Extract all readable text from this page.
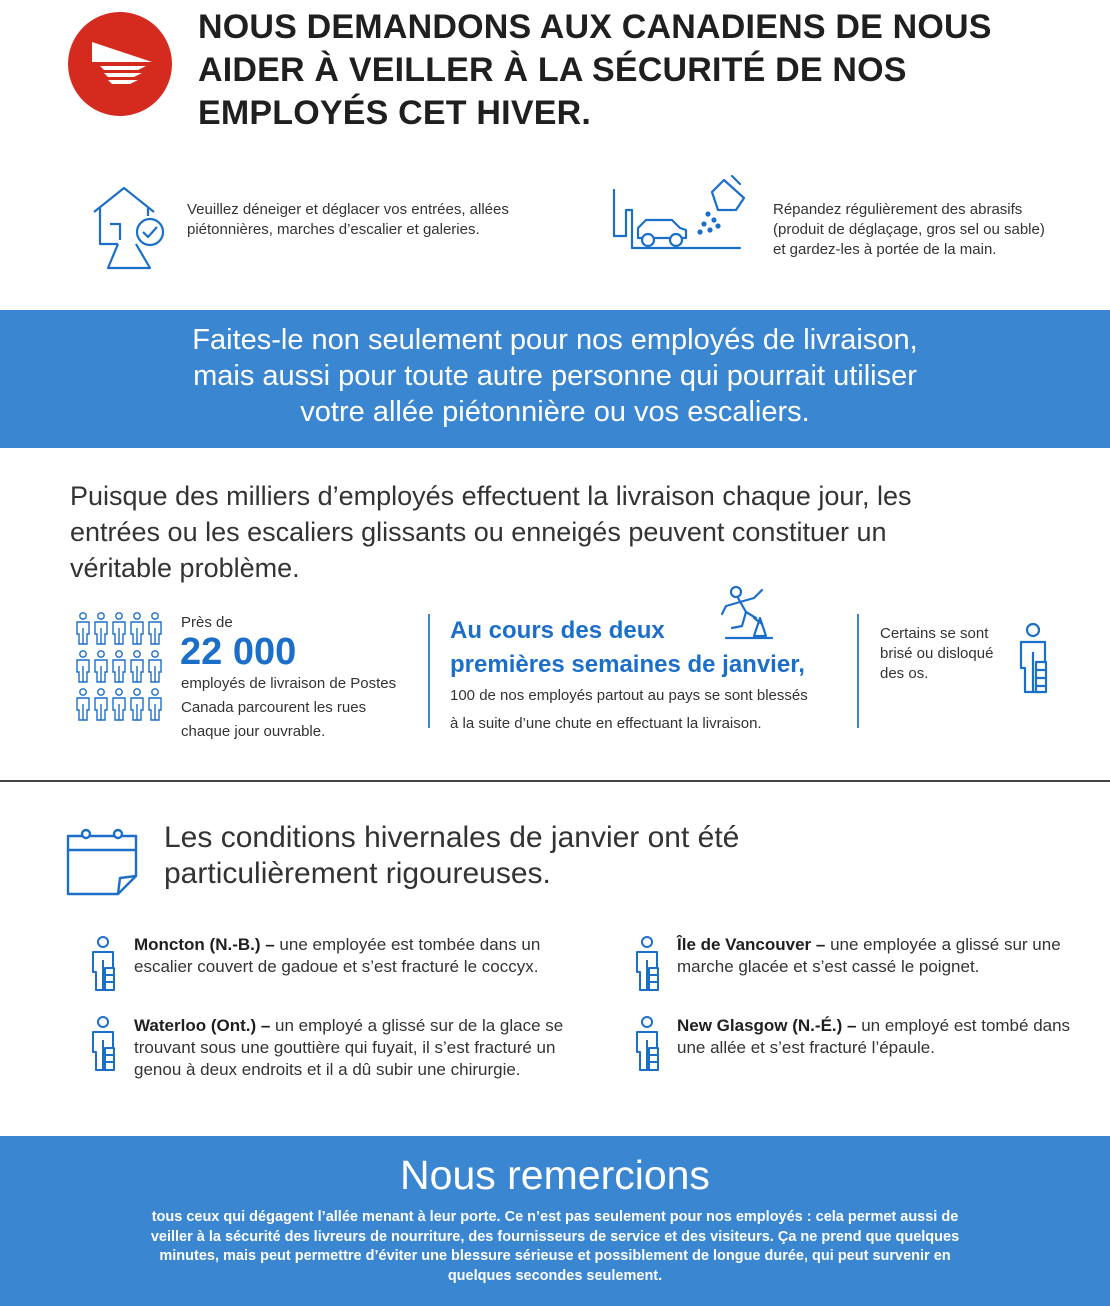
NOUS DEMANDONS AUX CANADIENS DE NOUS
AIDER À VEILLER À LA SÉCURITÉ DE NOS
EMPLOYÉS CET HIVER.
Veuillez déneiger et déglacer vos entrées, allées
piétonnières, marches d’escalier et galeries.
Répandez régulièrement des abrasifs
(produit de déglaçage, gros sel ou sable)
et gardez-les à portée de la main.
Faites-le non seulement pour nos employés de livraison,
mais aussi pour toute autre personne qui pourrait utiliser
votre allée piétonnière ou vos escaliers.
Puisque des milliers d’employés effectuent la livraison chaque jour, les
entrées ou les escaliers glissants ou enneigés peuvent constituer un
véritable problème.
Près de
22 000
employés de livraison de Postes
Canada parcourent les rues
chaque jour ouvrable.
Au cours des deux
premières semaines de janvier,
100 de nos employés partout au pays se sont blessés
à la suite d’une chute en effectuant la livraison.
Certains se sont
brisé ou disloqué
des os.
Les conditions hivernales de janvier ont été
particulièrement rigoureuses.
Moncton (N.-B.) – une employée est tombée dans un escalier couvert de gadoue et s’est fracturé le coccyx.
Île de Vancouver – une employée a glissé sur une marche glacée et s’est cassé le poignet.
Waterloo (Ont.) – un employé a glissé sur de la glace se trouvant sous une gouttière qui fuyait, il s’est fracturé un genou à deux endroits et il a dû subir une chirurgie.
New Glasgow (N.-É.) – un employé est tombé dans une allée et s’est fracturé l’épaule.
Nous remercions
tous ceux qui dégagent l’allée menant à leur porte. Ce n’est pas seulement pour nos employés : cela permet aussi de veiller à la sécurité des livreurs de nourriture, des fournisseurs de service et des visiteurs. Ça ne prend que quelques minutes, mais peut permettre d’éviter une blessure sérieuse et possiblement de longue durée, qui peut survenir en quelques secondes seulement.
